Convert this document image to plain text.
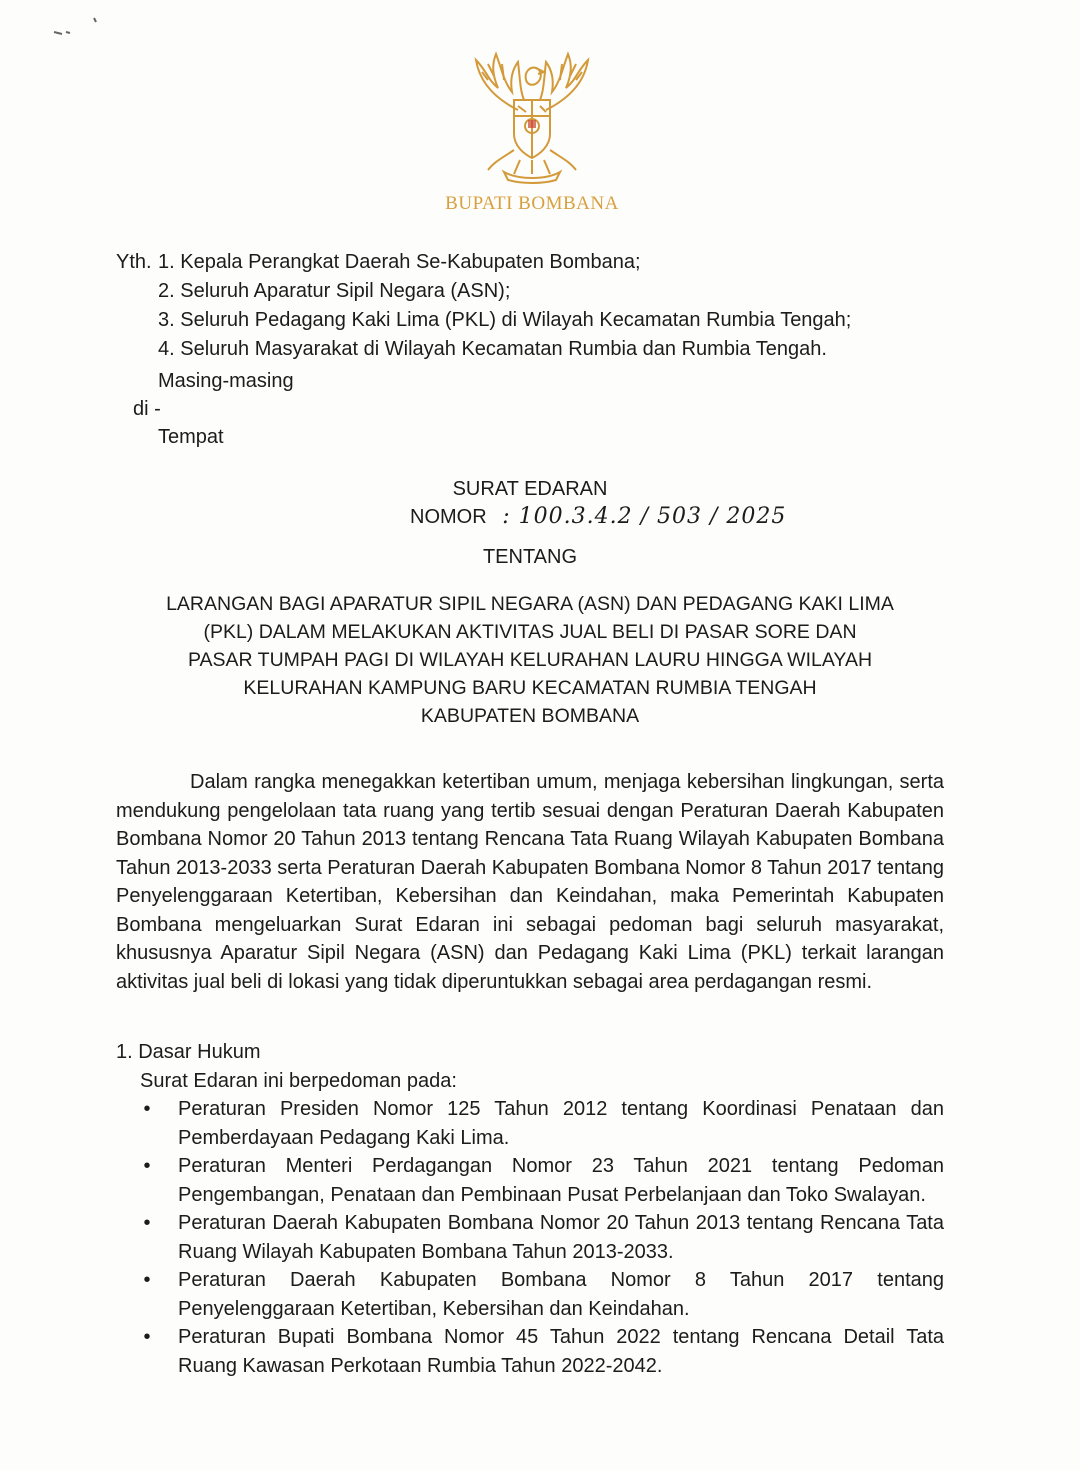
BUPATI BOMBANA
Yth. 1. Kepala Perangkat Daerah Se-Kabupaten Bombana;
2. Seluruh Aparatur Sipil Negara (ASN);
3. Seluruh Pedagang Kaki Lima (PKL) di Wilayah Kecamatan Rumbia Tengah;
4. Seluruh Masyarakat di Wilayah Kecamatan Rumbia dan Rumbia Tengah.
Masing-masing
di -
Tempat
SURAT EDARAN
NOMOR : 100.3.4.2 / 503 / 2025
TENTANG
LARANGAN BAGI APARATUR SIPIL NEGARA (ASN) DAN PEDAGANG KAKI LIMA
(PKL) DALAM MELAKUKAN AKTIVITAS JUAL BELI DI PASAR SORE DAN
PASAR TUMPAH PAGI DI WILAYAH KELURAHAN LAURU HINGGA WILAYAH
KELURAHAN KAMPUNG BARU KECAMATAN RUMBIA TENGAH
KABUPATEN BOMBANA
Dalam rangka menegakkan ketertiban umum, menjaga kebersihan lingkungan, serta mendukung pengelolaan tata ruang yang tertib sesuai dengan Peraturan Daerah Kabupaten Bombana Nomor 20 Tahun 2013 tentang Rencana Tata Ruang Wilayah Kabupaten Bombana Tahun 2013-2033 serta Peraturan Daerah Kabupaten Bombana Nomor 8 Tahun 2017 tentang Penyelenggaraan Ketertiban, Kebersihan dan Keindahan, maka Pemerintah Kabupaten Bombana mengeluarkan Surat Edaran ini sebagai pedoman bagi seluruh masyarakat, khususnya Aparatur Sipil Negara (ASN) dan Pedagang Kaki Lima (PKL) terkait larangan aktivitas jual beli di lokasi yang tidak diperuntukkan sebagai area perdagangan resmi.
1. Dasar Hukum
Surat Edaran ini berpedoman pada:
• Peraturan Presiden Nomor 125 Tahun 2012 tentang Koordinasi Penataan dan Pemberdayaan Pedagang Kaki Lima.
• Peraturan Menteri Perdagangan Nomor 23 Tahun 2021 tentang Pedoman Pengembangan, Penataan dan Pembinaan Pusat Perbelanjaan dan Toko Swalayan.
• Peraturan Daerah Kabupaten Bombana Nomor 20 Tahun 2013 tentang Rencana Tata Ruang Wilayah Kabupaten Bombana Tahun 2013-2033.
• Peraturan Daerah Kabupaten Bombana Nomor 8 Tahun 2017 tentang Penyelenggaraan Ketertiban, Kebersihan dan Keindahan.
• Peraturan Bupati Bombana Nomor 45 Tahun 2022 tentang Rencana Detail Tata Ruang Kawasan Perkotaan Rumbia Tahun 2022-2042.
